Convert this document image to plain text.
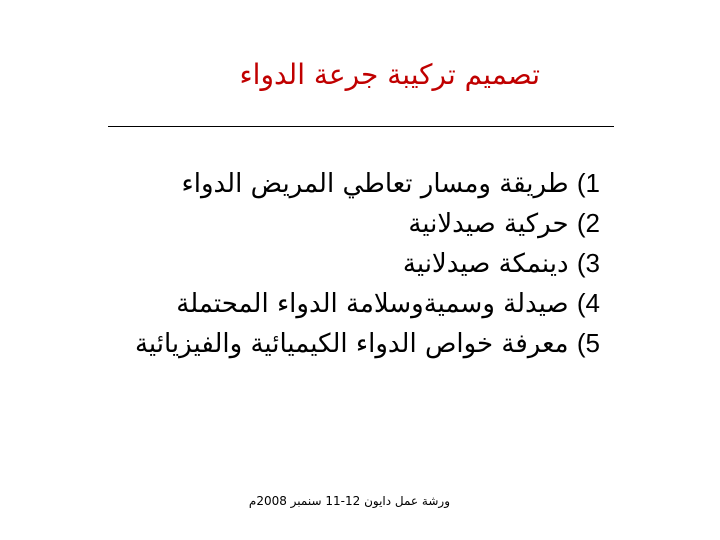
تصميم تركيبة جرعة الدواء
1) طريقة ومسار تعاطي المريض الدواء
2) حركية صيدلانية
3) دينمكة صيدلانية
4) صيدلة وسميةوسلامة الدواء المحتملة
5) معرفة خواص الدواء الكيميائية والفيزيائية
ورشة عمل دايون 12-11 سنمبر 2008م
